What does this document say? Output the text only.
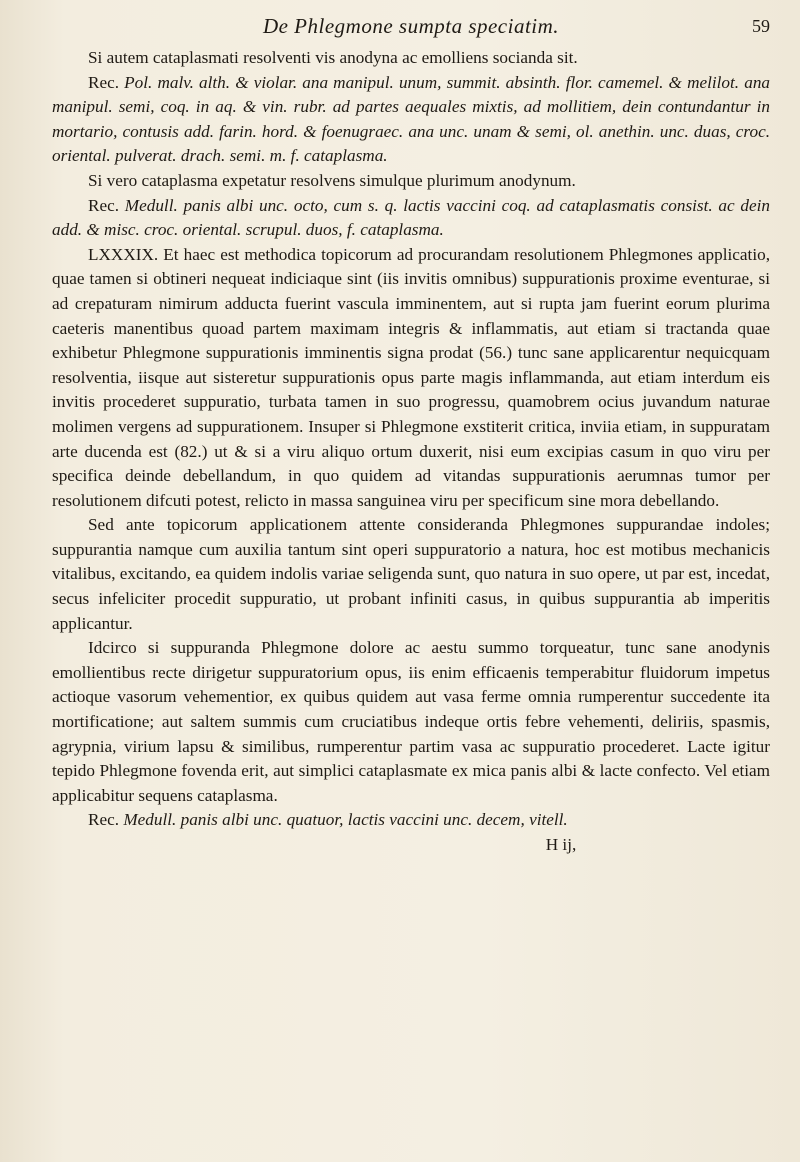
De Phlegmone sumpta speciatim.	59

Si autem cataplasmati resolventi vis anodyna ac emolliens socianda sit.

Rec. Pol. malv. alth. & violar. ana manipul. unum, summit. absinth. flor. camemel. & melilot. ana manipul. semi, coq. in aq. & vin. rubr. ad partes aequales mixtis, ad mollitiem, dein contundantur in mortario, contusis add. farin. hord. & foenugraec. ana unc. unam & semi, ol. anethin. unc. duas, croc. oriental. pulverat. drach. semi. m. f. cataplasma.

Si vero cataplasma expetatur resolvens simulque plurimum anodynum.

Rec. Medull. panis albi unc. octo, cum s. q. lactis vaccini coq. ad cataplasmatis consist. ac dein add. & misc. croc. oriental. scrupul. duos, f. cataplasma.

LXXXIX. Et haec est methodica topicorum ad procurandam resolutionem Phlegmones applicatio, quae tamen si obtineri nequeat indiciaque sint (iis invitis omnibus) suppurationis proxime eventurae, si ad crepaturam nimirum adducta fuerint vascula imminentem, aut si rupta jam fuerint eorum plurima caeteris manentibus quoad partem maximam integris & inflammatis, aut etiam si tractanda quae exhibetur Phlegmone suppurationis imminentis signa prodat (56.) tunc sane applicarentur nequicquam resolventia, iisque aut sisteretur suppurationis opus parte magis inflammanda, aut etiam interdum eis invitis procederet suppuratio, turbata tamen in suo progressu, quamobrem ocius juvandum naturae molimen vergens ad suppurationem. Insuper si Phlegmone exstiterit critica, inviia etiam, in suppuratam arte ducenda est (82.) ut & si a viru aliquo ortum duxerit, nisi eum excipias casum in quo viru per specifica deinde debellandum, in quo quidem ad vitandas suppurationis aerumnas tumor per resolutionem difcuti potest, relicto in massa sanguinea viru per specificum sine mora debellando.

Sed ante topicorum applicationem attente considerandа Phlegmones suppurandae indoles; suppurantia namque cum auxilia tantum sint operi suppuratorio a natura, hoc est motibus mechanicis vitalibus, excitando, ea quidem indolis variae seligenda sunt, quo natura in suo opere, ut par est, incedat, secus infeliciter procedit suppuratio, ut probant infiniti casus, in quibus suppurantia ab imperitis applicantur.

Idcirco si suppuranda Phlegmone dolore ac aestu summo torqueatur, tunc sane anodynis emollientibus recte dirigetur suppuratorium opus, iis enim efficaenis temperabitur fluidorum impetus actioque vasorum vehementior, ex quibus quidem aut vasa ferme omnia rumperentur succedente ita mortificatione; aut saltem summis cum cruciatibus indeque ortis febre vehementi, deliriis, spasmis, agrypnia, virium lapsu & similibus, rumperentur partim vasa ac suppuratio procederet. Lacte igitur tepido Phlegmone fovenda erit, aut simplici cataplasmate ex mica panis albi & lacte confecto. Vel etiam applicabitur sequens cataplasma.

Rec. Medull. panis albi unc. quatuor, lactis vaccini unc. decem, vitell.

H ij,
